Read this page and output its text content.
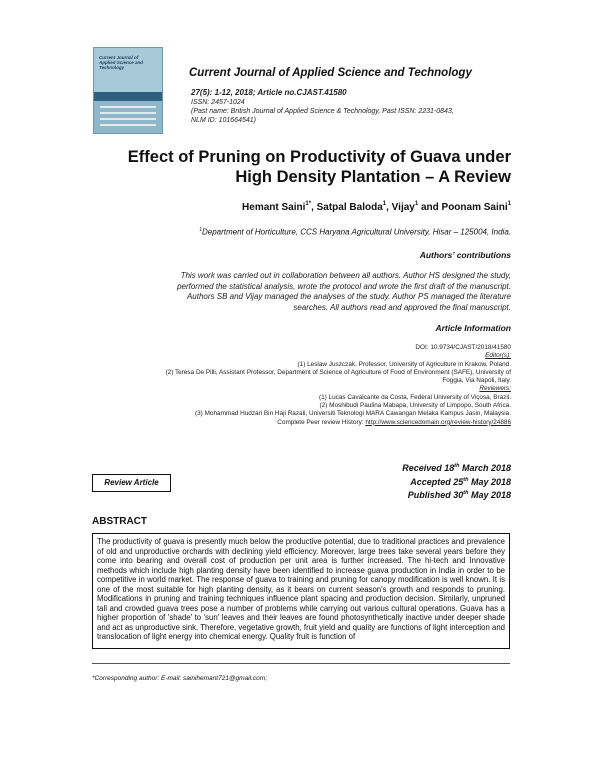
Current Journal of
Applied Science and
Technology	Current Journal of Applied Science and Technology
27(5): 1-12, 2018; Article no.CJAST.41580
ISSN: 2457-1024
(Past name: British Journal of Applied Science & Technology, Past ISSN: 2231-0843,
NLM ID: 101664541)
Effect of Pruning on Productivity of Guava under
High Density Plantation – A Review
Hemant Saini$^{1*}$, Satpal Baloda$^1$, Vijay$^1$ and Poonam Saini$^1$
$^1$Department of Horticulture, CCS Haryana Agricultural University, Hisar – 125004, India.
Authors’ contributions
This work was carried out in collaboration between all authors. Author HS designed the study,
performed the statistical analysis, wrote the protocol and wrote the first draft of the manuscript.
Authors SB and Vijay managed the analyses of the study. Author PS managed the literature
searches. All authors read and approved the final manuscript.
Article Information
DOI: 10.9734/CJAST/2018/41580
Editor(s):
(1) Leslaw Juszczak, Professor, University of Agriculture in Krakow, Poland.
(2) Teresa De Pilli, Assistant Professor, Department of Science of Agriculture of Food of Environment (SAFE), University of
Foggia, Via Napoli, Italy.
Reviewers:
(1) Lucas Cavalcante da Costa, Federal University of Viçosa, Brazil.
(2) Moshibudi Paulina Mabapa, University of Limpopo, South Africa.
(3) Mohammad Hudzari Bin Haji Razali, Universiti Teknologi MARA Cawangan Melaka Kampus Jasin, Malaysia.
Complete Peer review History: http://www.sciencedomain.org/review-history/24886
Review Article
Received 18th March 2018
Accepted 25th May 2018
Published 30th May 2018
ABSTRACT
The productivity of guava is presently much below the productive potential, due to traditional practices and prevalence of old and unproductive orchards with declining yield efficiency. Moreover, large trees take several years before they come into bearing and overall cost of production per unit area is further increased. The hi-tech and Innovative methods which include high planting density have been identified to increase guava production in India in order to be competitive in world market. The response of guava to training and pruning for canopy modification is well known. It is one of the most suitable for high planting density, as it bears on current season's growth and responds to pruning. Modifications in pruning and training techniques influence plant spacing and production decision. Similarly, unpruned tall and crowded guava trees pose a number of problems while carrying out various cultural operations. Guava has a higher proportion of 'shade' to 'sun' leaves and their leaves are found photosynthetically inactive under deeper shade and act as unproductive sink. Therefore, vegetative growth, fruit yield and quality are functions of light interception and translocation of light energy into chemical energy. Quality fruit is function of
*Corresponding author: E-mail: sainihemant721@gmail.com;
